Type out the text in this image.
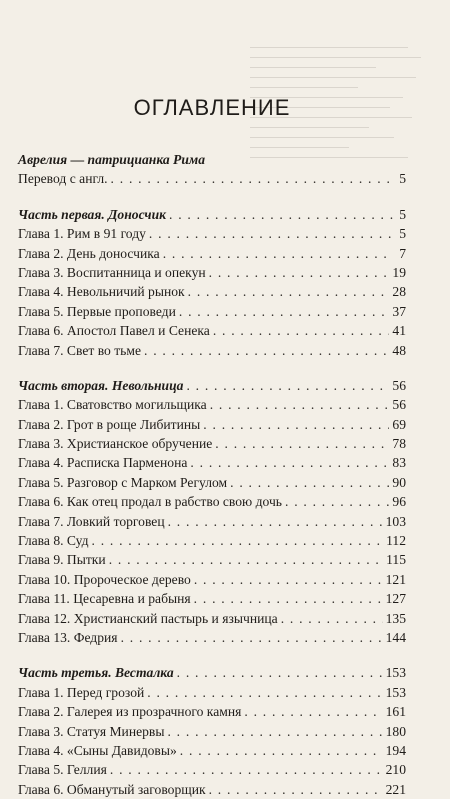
ОГЛАВЛЕНИЕ
Аврелия — патрицианка Рима
Перевод с англ. . . .	5
Часть первая. Доносчик . . .	5
Глава 1. Рим в 91 году . . .	5
Глава 2. День доносчика . . .	7
Глава 3. Воспитанница и опекун . . .	19
Глава 4. Невольничий рынок . . .	28
Глава 5. Первые проповеди . . .	37
Глава 6. Апостол Павел и Сенека . . .	41
Глава 7. Свет во тьме . . .	48
Часть вторая. Невольница . . .	56
Глава 1. Сватовство могильщика . . .	56
Глава 2. Грот в роще Либитины . . .	69
Глава 3. Христианское обручение . . .	78
Глава 4. Расписка Парменона . . .	83
Глава 5. Разговор с Марком Регулом . . .	90
Глава 6. Как отец продал в рабство свою дочь . . .	96
Глава 7. Ловкий торговец . . .	103
Глава 8. Суд . . .	112
Глава 9. Пытки . . .	115
Глава 10. Пророческое дерево . . .	121
Глава 11. Цесаревна и рабыня . . .	127
Глава 12. Христианский пастырь и язычница . . .	135
Глава 13. Федрия . . .	144
Часть третья. Весталка . . .	153
Глава 1. Перед грозой . . .	153
Глава 2. Галерея из прозрачного камня . . .	161
Глава 3. Статуя Минервы . . .	180
Глава 4. «Сыны Давидовы» . . .	194
Глава 5. Геллия . . .	210
Глава 6. Обманутый заговорщик . . .	221
